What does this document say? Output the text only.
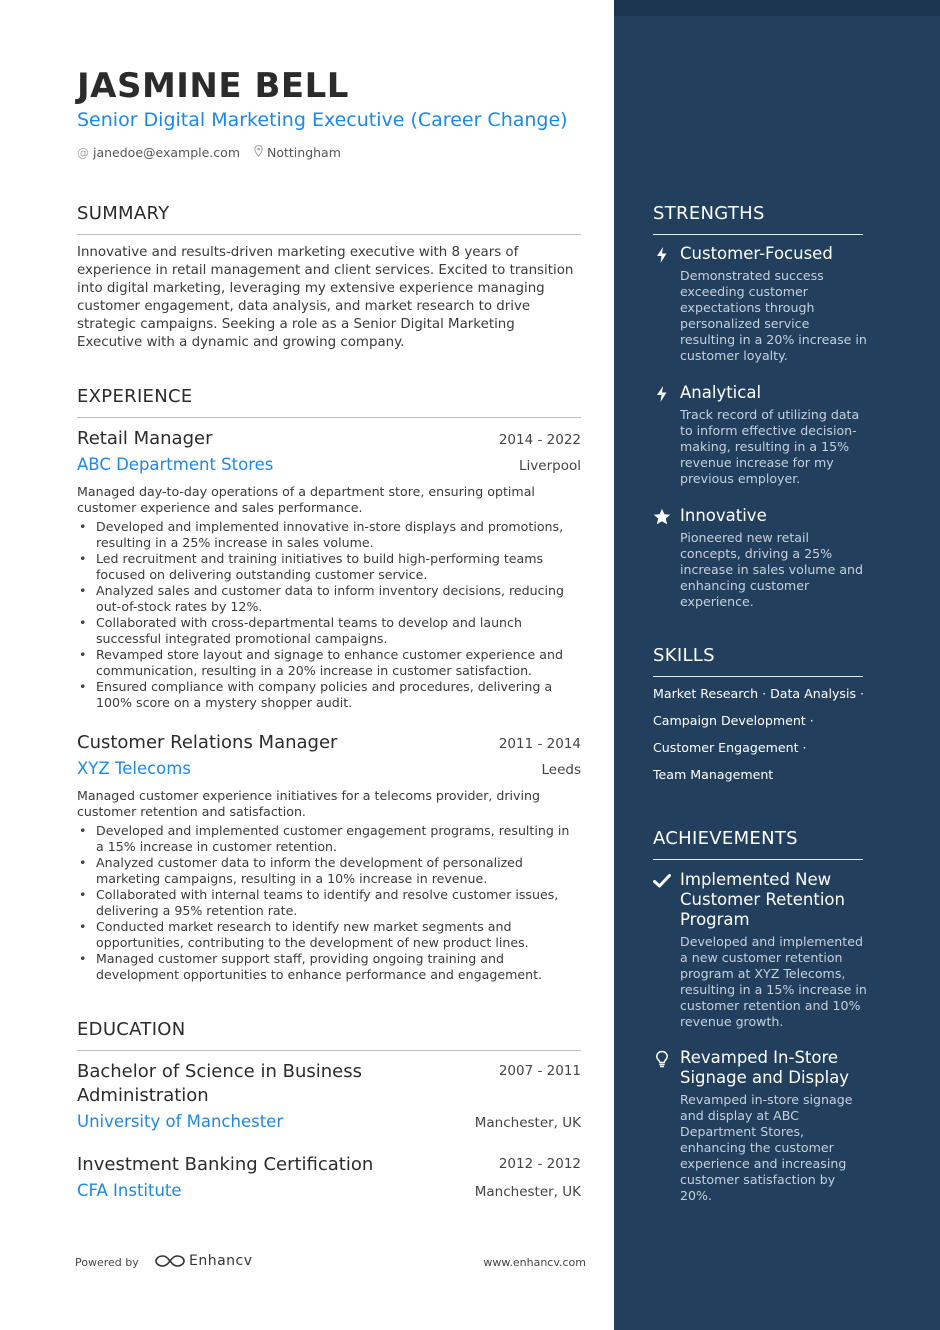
JASMINE BELL
Senior Digital Marketing Executive (Career Change)
@ janedoe@example.com Nottingham
SUMMARY
Innovative and results-driven marketing executive with 8 years of experience in retail management and client services. Excited to transition into digital marketing, leveraging my extensive experience managing customer engagement, data analysis, and market research to drive strategic campaigns. Seeking a role as a Senior Digital Marketing Executive with a dynamic and growing company.
EXPERIENCE
Retail Manager	2014 - 2022
ABC Department Stores	Liverpool
Managed day-to-day operations of a department store, ensuring optimal customer experience and sales performance.
• Developed and implemented innovative in-store displays and promotions, resulting in a 25% increase in sales volume.
• Led recruitment and training initiatives to build high-performing teams focused on delivering outstanding customer service.
• Analyzed sales and customer data to inform inventory decisions, reducing out-of-stock rates by 12%.
• Collaborated with cross-departmental teams to develop and launch successful integrated promotional campaigns.
• Revamped store layout and signage to enhance customer experience and communication, resulting in a 20% increase in customer satisfaction.
• Ensured compliance with company policies and procedures, delivering a 100% score on a mystery shopper audit.
Customer Relations Manager	2011 - 2014
XYZ Telecoms	Leeds
Managed customer experience initiatives for a telecoms provider, driving customer retention and satisfaction.
• Developed and implemented customer engagement programs, resulting in a 15% increase in customer retention.
• Analyzed customer data to inform the development of personalized marketing campaigns, resulting in a 10% increase in revenue.
• Collaborated with internal teams to identify and resolve customer issues, delivering a 95% retention rate.
• Conducted market research to identify new market segments and opportunities, contributing to the development of new product lines.
• Managed customer support staff, providing ongoing training and development opportunities to enhance performance and engagement.
EDUCATION
Bachelor of Science in Business Administration
2007 - 2011
University of Manchester	Manchester, UK
Investment Banking Certification	2012 - 2012
CFA Institute	Manchester, UK
Powered by	Enhancv	www.enhancv.com
STRENGTHS
Customer-Focused
Demonstrated success exceeding customer expectations through personalized service resulting in a 20% increase in customer loyalty.
Analytical
Track record of utilizing data to inform effective decision-making, resulting in a 15% revenue increase for my previous employer.
Innovative
Pioneered new retail concepts, driving a 25% increase in sales volume and enhancing customer experience.
SKILLS
Market Research · Data Analysis ·
Campaign Development ·
Customer Engagement ·
Team Management
ACHIEVEMENTS
Implemented New Customer Retention Program
Developed and implemented a new customer retention program at XYZ Telecoms, resulting in a 15% increase in customer retention and 10% revenue growth.
Revamped In-Store Signage and Display
Revamped in-store signage and display at ABC Department Stores, enhancing the customer experience and increasing customer satisfaction by 20%.
